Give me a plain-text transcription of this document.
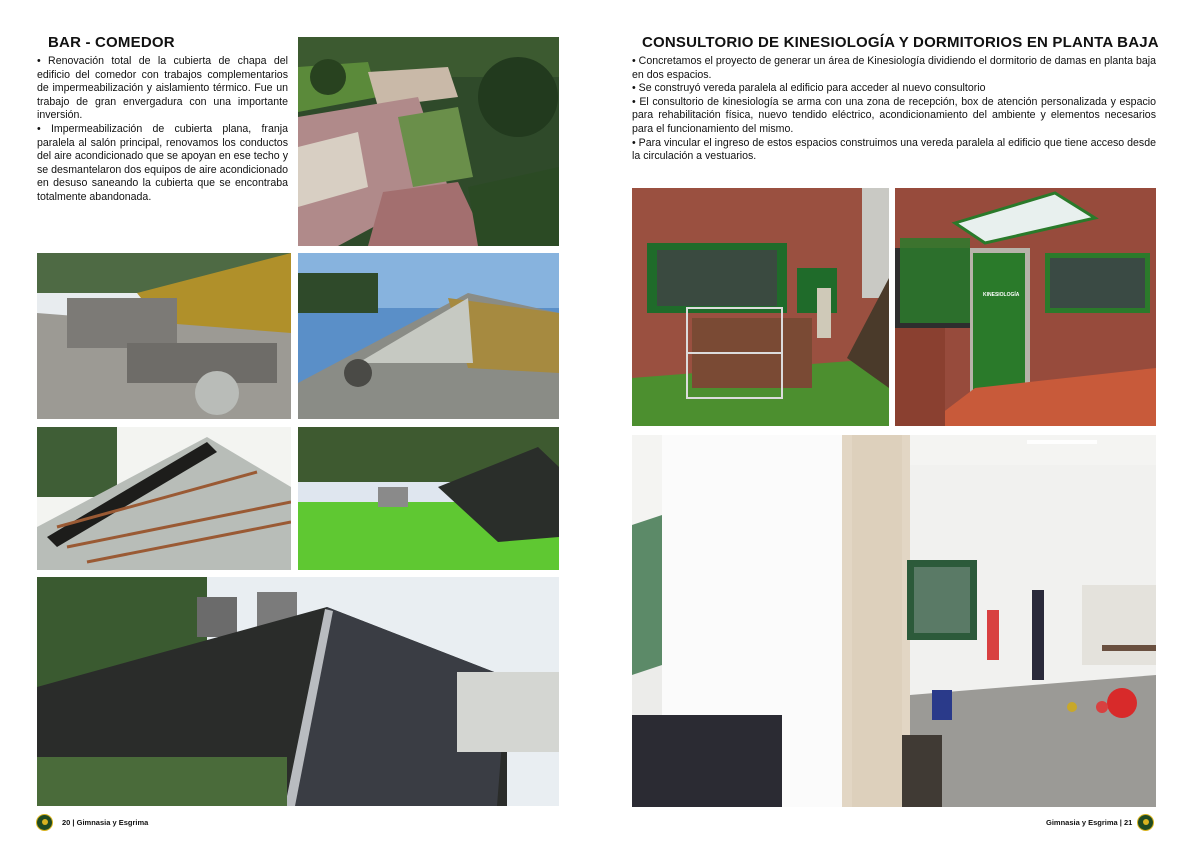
BAR - COMEDOR

• Renovación total de la cubierta de chapa del edificio del comedor con trabajos complementarios de impermeabilización y aislamiento térmico. Fue un trabajo de gran envergadura con una importante inversión.

• Impermeabilización de cubierta plana, franja paralela al salón principal, renovamos los conductos del aire acondicionado que se apoyan en ese techo y se desmantelaron dos equipos de aire acondicionado en desuso saneando la cubierta que se encontraba totalmente abandonada.

20 | Gimnasia y Esgrima
CONSULTORIO DE KINESIOLOGÍA Y DORMITORIOS EN PLANTA BAJA

• Concretamos el proyecto de generar un área de Kinesiología dividiendo el dormitorio de damas en planta baja en dos espacios.

• Se construyó vereda paralela al edificio para acceder al nuevo consultorio

• El consultorio de kinesiología se arma con una zona de recepción, box de atención personalizada y espacio para rehabilitación física, nuevo tendido eléctrico, acondicionamiento del ambiente y elementos necesarios para el funcionamiento del mismo.

• Para vincular el ingreso de estos espacios construimos una vereda paralela al edificio que tiene acceso desde la circulación a vestuarios.

KINESIOLOGÍA
Gimnasia y Esgrima | 21
